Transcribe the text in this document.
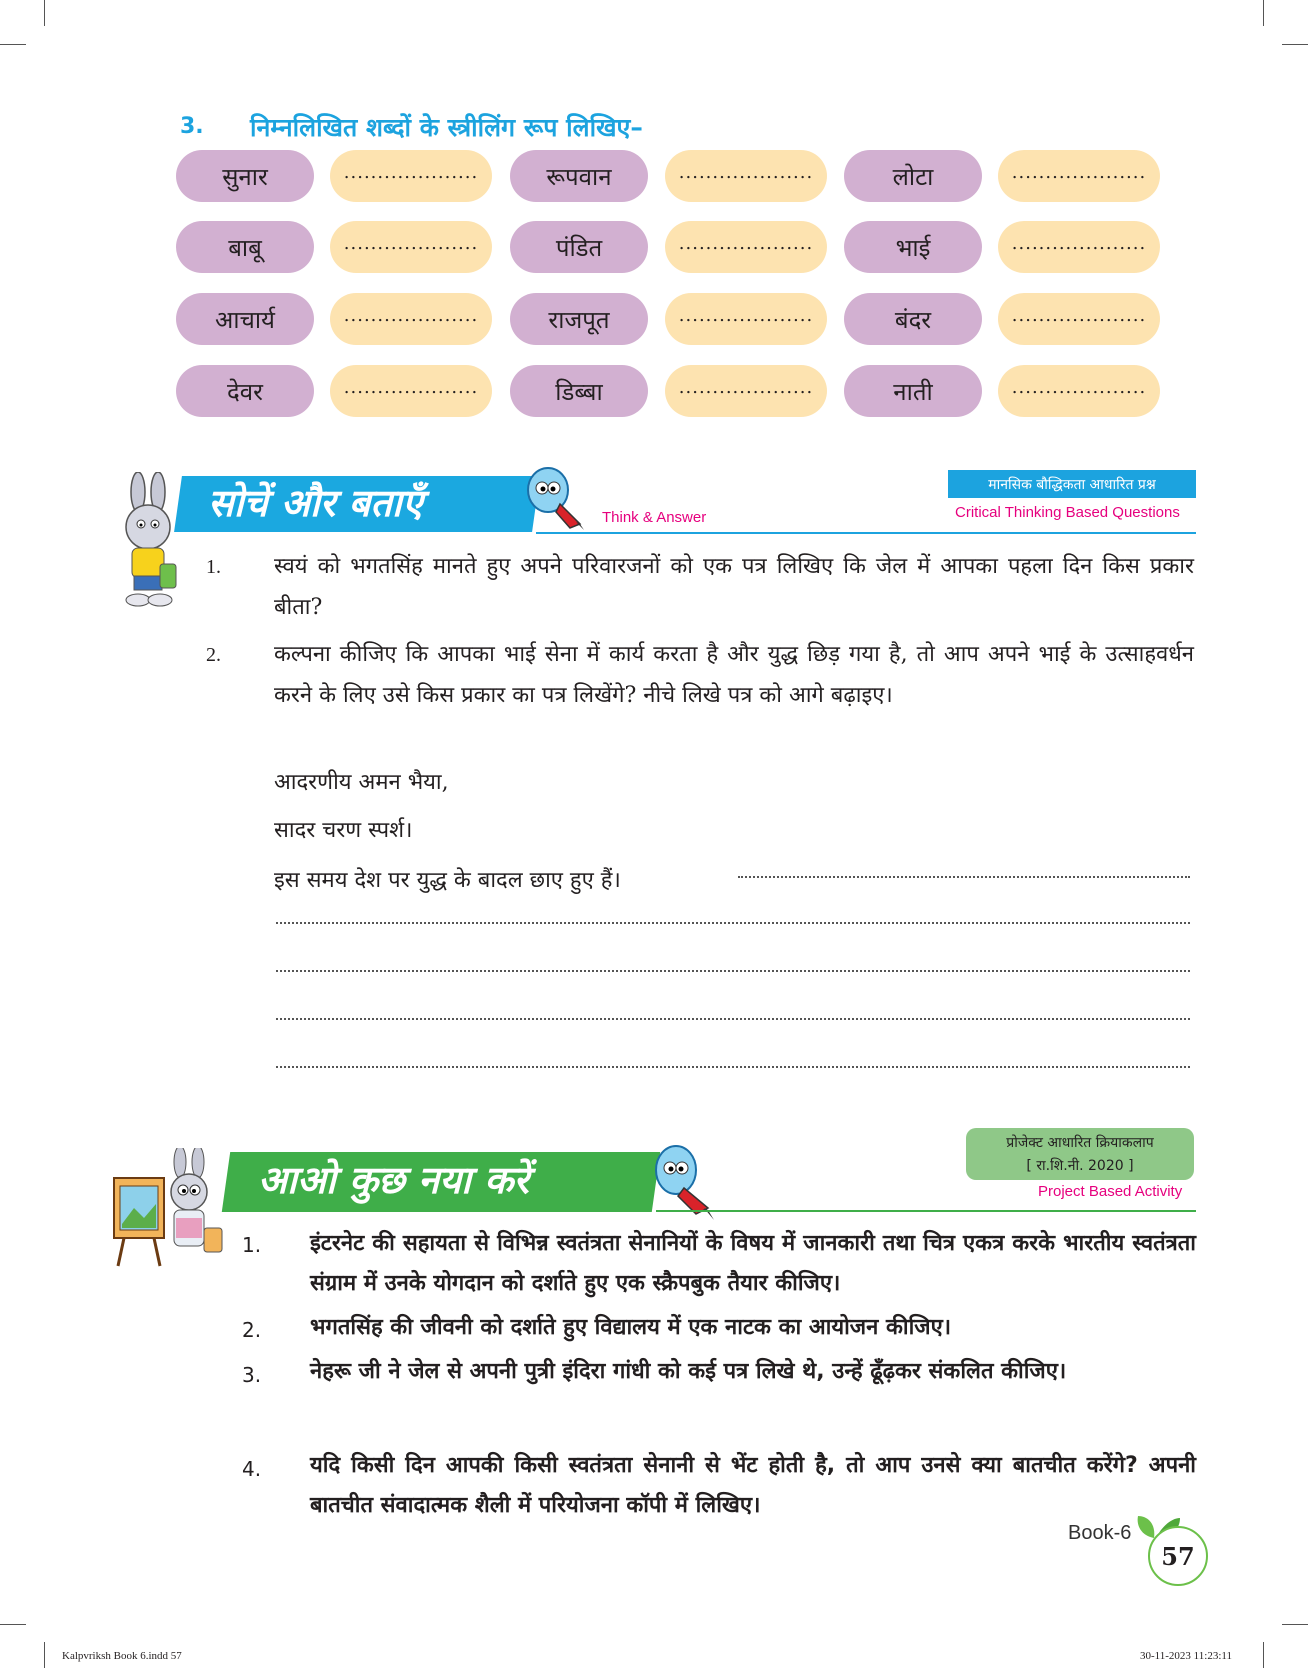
3. निम्नलिखित शब्दों के स्त्रीलिंग रूप लिखिए–
सुनार	....................	रूपवान	....................	लोटा	....................
बाबू	....................	पंडित	....................	भाई	....................
आचार्य	....................	राजपूत	....................	बंदर	....................
देवर	....................	डिब्बा	....................	नाती	....................
सोचें और बताएँ	Think & Answer
मानसिक बौद्धिकता आधारित प्रश्न
Critical Thinking Based Questions
1. स्वयं को भगतसिंह मानते हुए अपने परिवारजनों को एक पत्र लिखिए कि जेल में आपका पहला दिन किस प्रकार बीता?
2. कल्पना कीजिए कि आपका भाई सेना में कार्य करता है और युद्ध छिड़ गया है, तो आप अपने भाई के उत्साहवर्धन करने के लिए उसे किस प्रकार का पत्र लिखेंगे? नीचे लिखे पत्र को आगे बढ़ाइए।
आदरणीय अमन भैया,
सादर चरण स्पर्श।
इस समय देश पर युद्ध के बादल छाए हुए हैं।
प्रोजेक्ट आधारित क्रियाकलाप
[ रा.शि.नी. 2020 ]
Project Based Activity
आओ कुछ नया करें
1. इंटरनेट की सहायता से विभिन्न स्वतंत्रता सेनानियों के विषय में जानकारी तथा चित्र एकत्र करके भारतीय स्वतंत्रता संग्राम में उनके योगदान को दर्शाते हुए एक स्क्रैपबुक तैयार कीजिए।
2. भगतसिंह की जीवनी को दर्शाते हुए विद्यालय में एक नाटक का आयोजन कीजिए।
3. नेहरू जी ने जेल से अपनी पुत्री इंदिरा गांधी को कई पत्र लिखे थे, उन्हें ढूँढ़कर संकलित कीजिए।
4. यदि किसी दिन आपकी किसी स्वतंत्रता सेनानी से भेंट होती है, तो आप उनसे क्या बातचीत करेंगे? अपनी बातचीत संवादात्मक शैली में परियोजना कॉपी में लिखिए।
Book-6
57
Kalpvriksh Book 6.indd 57	30-11-2023 11:23:11
